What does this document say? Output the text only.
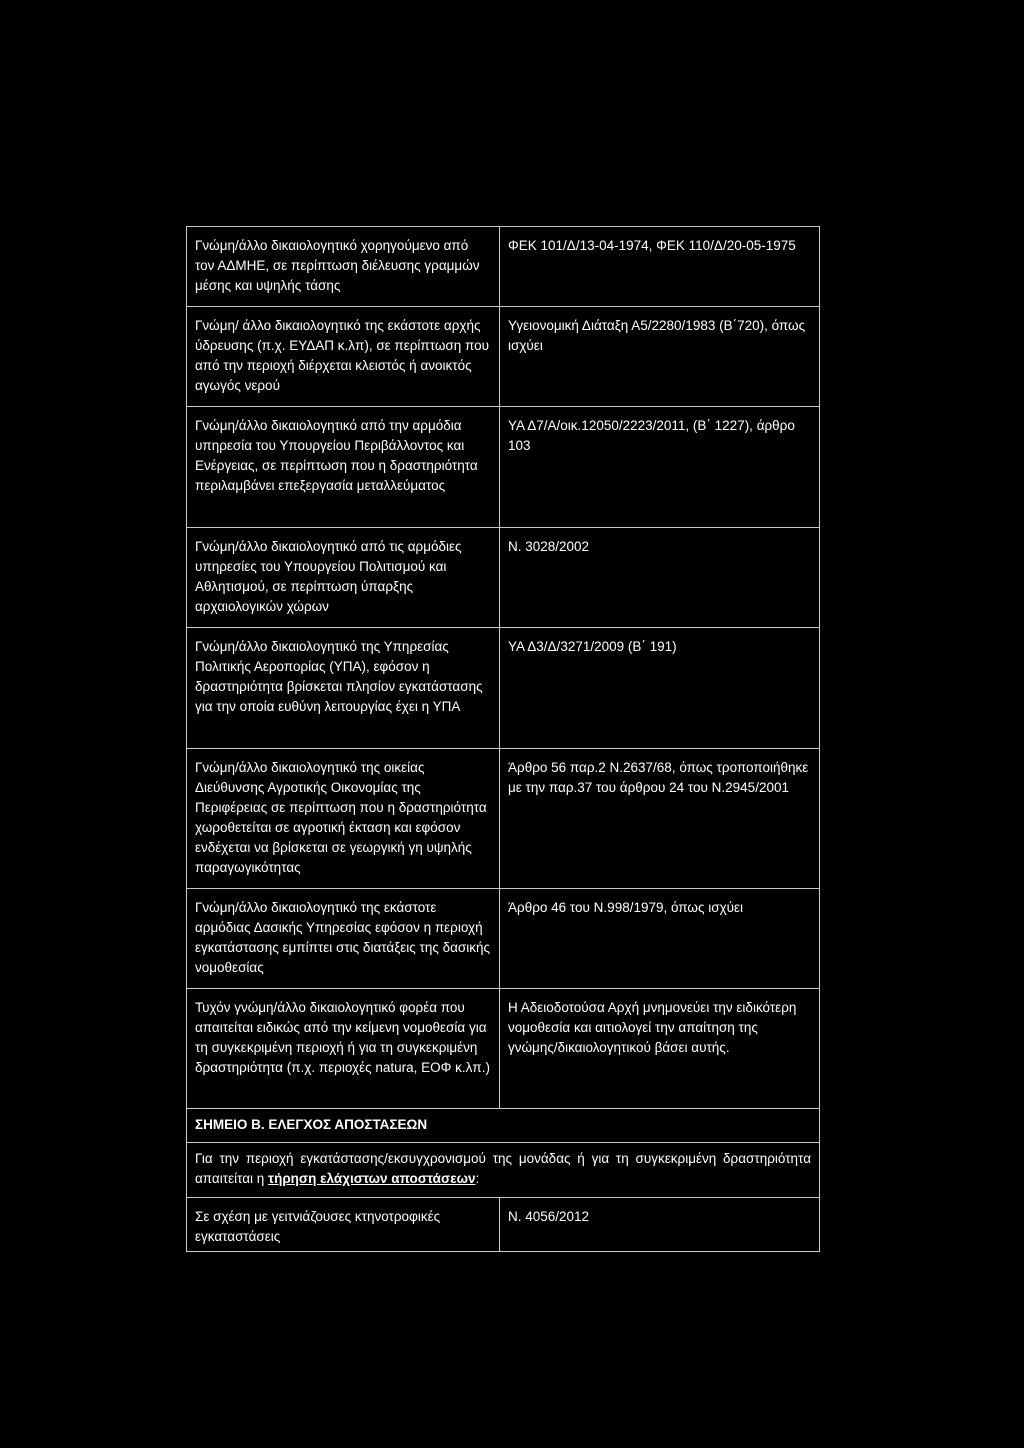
Γνώμη/άλλο δικαιολογητικό χορηγούμενο από τον ΑΔΜΗΕ, σε περίπτωση διέλευσης γραμμών μέσης και υψηλής τάσης
ΦΕΚ 101/Δ/13-04-1974, ΦΕΚ 110/Δ/20-05-1975
Γνώμη/ άλλο δικαιολογητικό της εκάστοτε αρχής ύδρευσης (π.χ. ΕΥΔΑΠ κ.λπ), σε περίπτωση που από την περιοχή διέρχεται κλειστός ή ανοικτός αγωγός νερού
Υγειονομική Διάταξη Α5/2280/1983 (Β΄720), όπως ισχύει
Γνώμη/άλλο δικαιολογητικό από την αρμόδια υπηρεσία του Υπουργείου Περιβάλλοντος και Ενέργειας, σε περίπτωση που η δραστηριότητα περιλαμβάνει επεξεργασία μεταλλεύματος
ΥΑ Δ7/Α/οικ.12050/2223/2011, (Β΄ 1227), άρθρο 103
Γνώμη/άλλο δικαιολογητικό από τις αρμόδιες υπηρεσίες του Υπουργείου Πολιτισμού και Αθλητισμού, σε περίπτωση ύπαρξης αρχαιολογικών χώρων
Ν. 3028/2002
Γνώμη/άλλο δικαιολογητικό της Υπηρεσίας Πολιτικής Αεροπορίας (ΥΠΑ), εφόσον η δραστηριότητα βρίσκεται πλησίον εγκατάστασης για την οποία ευθύνη λειτουργίας έχει η ΥΠΑ
ΥΑ Δ3/Δ/3271/2009 (Β΄ 191)
Γνώμη/άλλο δικαιολογητικό της οικείας Διεύθυνσης Αγροτικής Οικονομίας της Περιφέρειας σε περίπτωση που η δραστηριότητα χωροθετείται σε αγροτική έκταση και εφόσον ενδέχεται να βρίσκεται σε γεωργική γη υψηλής παραγωγικότητας
Άρθρο 56 παρ.2 Ν.2637/68, όπως τροποποιήθηκε με την παρ.37 του άρθρου 24 του Ν.2945/2001
Γνώμη/άλλο δικαιολογητικό της εκάστοτε αρμόδιας Δασικής Υπηρεσίας εφόσον η περιοχή εγκατάστασης εμπίπτει στις διατάξεις της δασικής νομοθεσίας
Άρθρο 46 του Ν.998/1979, όπως ισχύει
Τυχόν γνώμη/άλλο δικαιολογητικό φορέα που απαιτείται ειδικώς από την κείμενη νομοθεσία για τη συγκεκριμένη περιοχή ή για τη συγκεκριμένη δραστηριότητα (π.χ. περιοχές natura, ΕΟΦ κ.λπ.)
Η Αδειοδοτούσα Αρχή μνημονεύει την ειδικότερη νομοθεσία και αιτιολογεί την απαίτηση της γνώμης/δικαιολογητικού βάσει αυτής.
ΣΗΜΕΙΟ Β. ΕΛΕΓΧΟΣ ΑΠΟΣΤΑΣΕΩΝ
Για την περιοχή εγκατάστασης/εκσυγχρονισμού της μονάδας ή για τη συγκεκριμένη δραστηριότητα απαιτείται η τήρηση ελάχιστων αποστάσεων:
Σε σχέση με γειτνιάζουσες κτηνοτροφικές εγκαταστάσεις
Ν. 4056/2012
